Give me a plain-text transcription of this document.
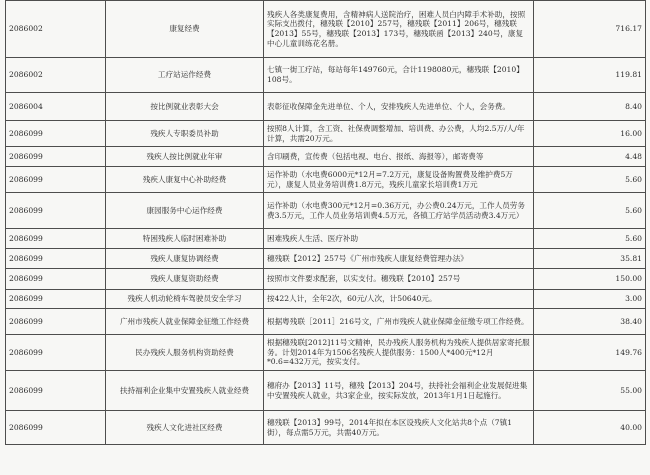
2086002	康复经费	残疾人各类康复费用，含精神病人送院治疗，困难人员白内障手术补助，按照实际支出拨付，穗残联【2010】257号，穗残联【2011】206号，穗残联【2013】55号，穗残联【2013】173号，穗残联函【2013】240号，康复中心儿童训练花名册。	716.17
2086002	工疗站运作经费	七镇一街工疗站，每站每年149760元，合计1198080元，穗残联【2010】108号。	119.81
2086004	按比例就业表彰大会	表彰征收保障金先进单位、个人，安排残疾人先进单位、个人，会务费。	8.40
2086099	残疾人专职委员补助	按照8人计算，含工资、社保费调整增加、培训费、办公费，人均2.5万/人/年计算，共需20万元。	16.00
2086099	残疾人按比例就业年审	含印刷费，宣传费（包括电视、电台、报纸、海报等），邮寄费等	4.48
2086099	残疾人康复中心补助经费	运作补助（水电费6000元*12月=7.2万元，康复设备购置费及维护费5万元），康复人员业务培训费1.8万元，残疾儿童家长培训费1万元	5.60
2086099	康园服务中心运作经费	运作补助（水电费300元*12月=0.36万元，办公费0.24万元，工作人员劳务费3.5万元，工作人员业务培训费4.5万元，各镇工疗站学员活动费3.4万元）	5.60
2086099	特困残疾人临时困难补助	困难残疾人生活、医疗补助	5.60
2086099	残疾人康复协调经费	穗残联【2012】257号《广州市残疾人康复经费管理办法》	35.81
2086099	残疾人康复资助经费	按照市文件要求配套，以实支付。穗残联【2010】257号	150.00
2086099	残疾人机动轮椅车驾驶员安全学习	按422人计，全年2次，60元/人次，计50640元。	3.00
2086099	广州市残疾人就业保障金征缴工作经费	根据粤残联［2011］216号文，广州市残疾人就业保障金征缴专项工作经费。	38.40
2086099	民办残疾人服务机构资助经费	根据穗残联[2012]11号文精神，民办残疾人服务机构为残疾人提供居家寄托服务。计划2014年为1506名残疾人提供服务：1500人*400元*12月*0.6=432万元，按实支付。	149.76
2086099	扶持福利企业集中安置残疾人就业经费	穗府办【2013】11号，穗残【2013】204号，扶持社会福利企业发展促进集中安置残疾人就业，共3家企业，按实际发放，2013年1月1日起施行。	55.00
2086099	残疾人文化进社区经费	穗残联【2013】99号，2014年拟在本区设残疾人文化站共8个点（7镇1街），每点需5万元，共需40万元。	40.00
